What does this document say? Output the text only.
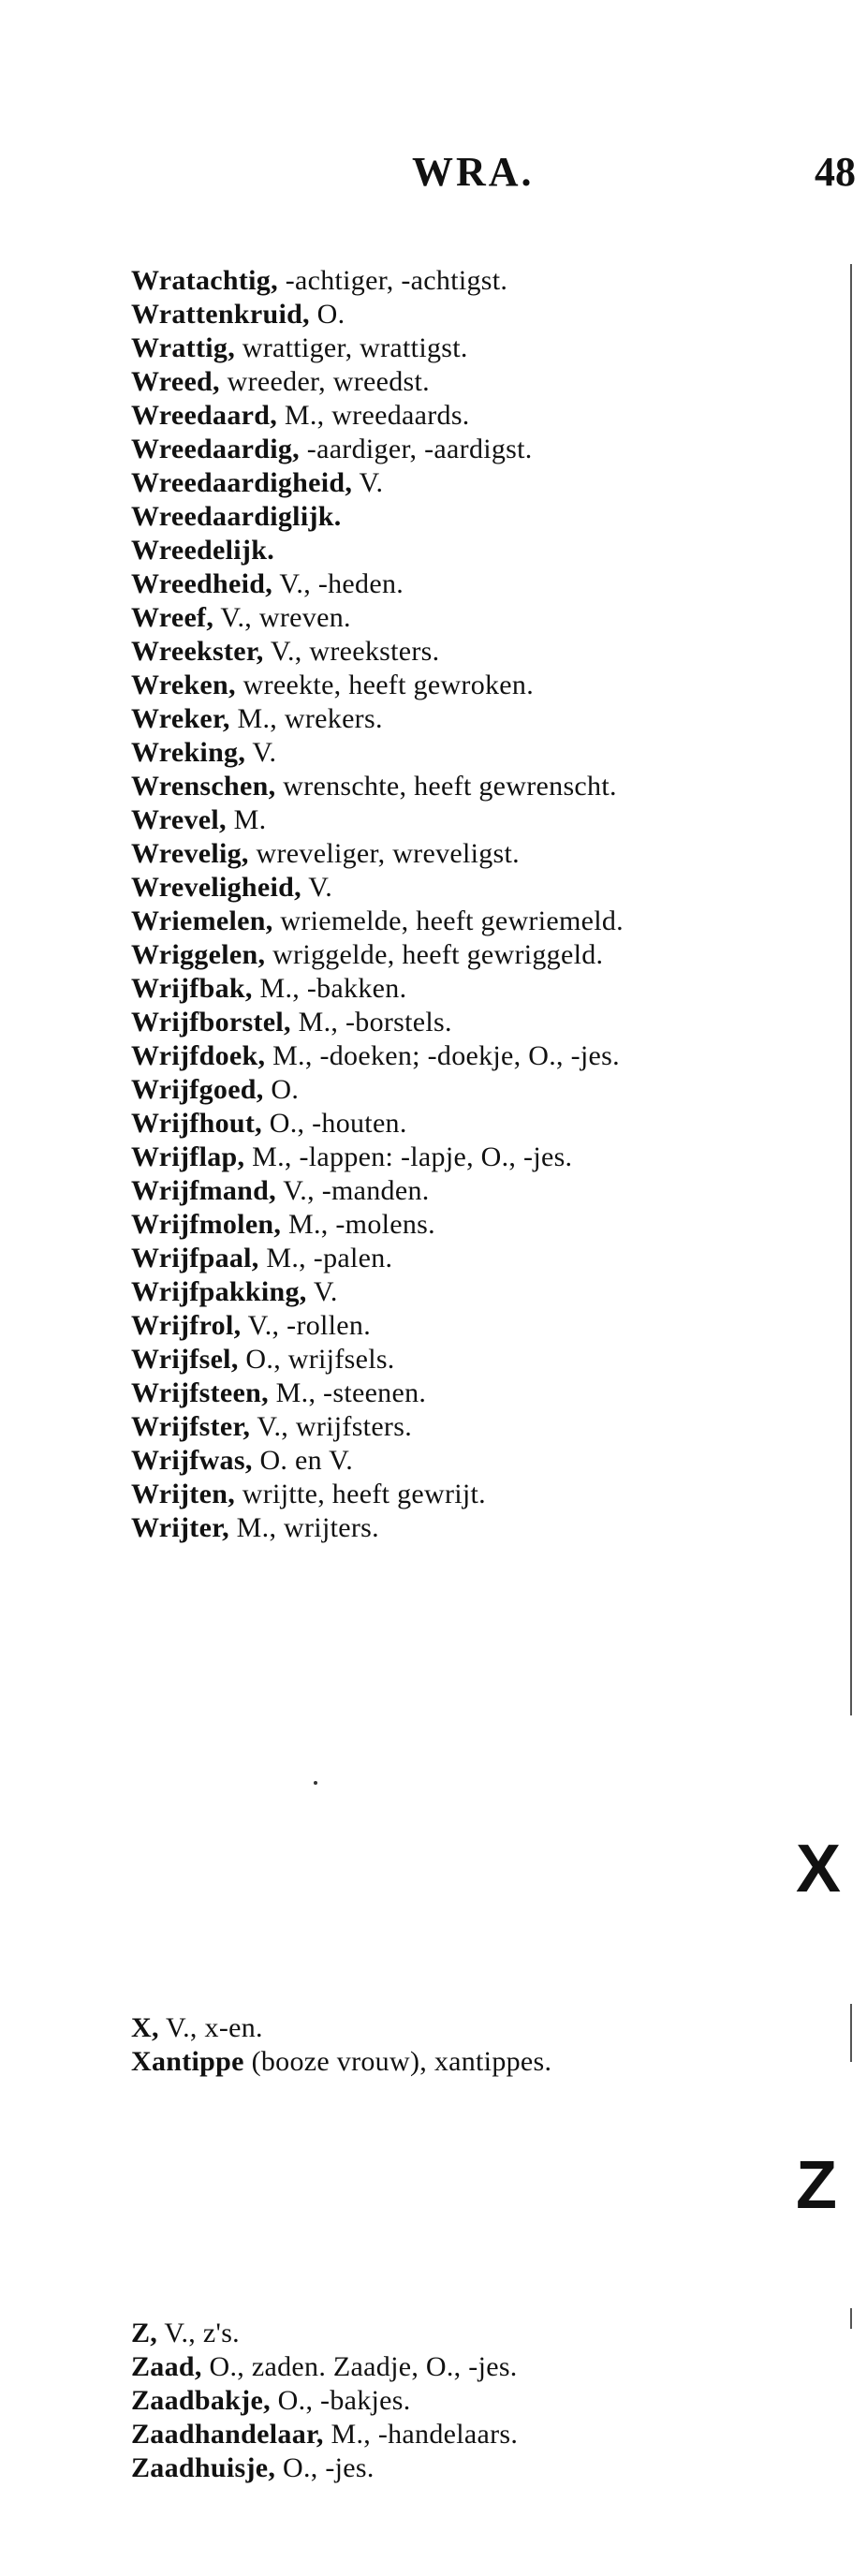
WRA.	48
Wratachtig, -achtiger, -achtigst.
Wrattenkruid, O.
Wrattig, wrattiger, wrattigst.
Wreed, wreeder, wreedst.
Wreedaard, M., wreedaards.
Wreedaardig, -aardiger, -aardigst.
Wreedaardigheid, V.
Wreedaardiglijk.
Wreedelijk.
Wreedheid, V., -heden.
Wreef, V., wreven.
Wreekster, V., wreeksters.
Wreken, wreekte, heeft gewroken.
Wreker, M., wrekers.
Wreking, V.
Wrenschen, wrenschte, heeft gewrenscht.
Wrevel, M.
Wrevelig, wreveliger, wreveligst.
Wreveligheid, V.
Wriemelen, wriemelde, heeft gewriemeld.
Wriggelen, wriggelde, heeft gewriggeld.
Wrijfbak, M., -bakken.
Wrijfborstel, M., -borstels.
Wrijfdoek, M., -doeken; -doekje, O., -jes.
Wrijfgoed, O.
Wrijfhout, O., -houten.
Wrijflap, M., -lappen: -lapje, O., -jes.
Wrijfmand, V., -manden.
Wrijfmolen, M., -molens.
Wrijfpaal, M., -palen.
Wrijfpakking, V.
Wrijfrol, V., -rollen.
Wrijfsel, O., wrijfsels.
Wrijfsteen, M., -steenen.
Wrijfster, V., wrijfsters.
Wrijfwas, O. en V.
Wrijten, wrijtte, heeft gewrijt.
Wrijter, M., wrijters.
X
X, V., x-en.
Xantippe (booze vrouw), xantippes.
Z
Z, V., z's.
Zaad, O., zaden. Zaadje, O., -jes.
Zaadbakje, O., -bakjes.
Zaadhandelaar, M., -handelaars.
Zaadhuisje, O., -jes.
